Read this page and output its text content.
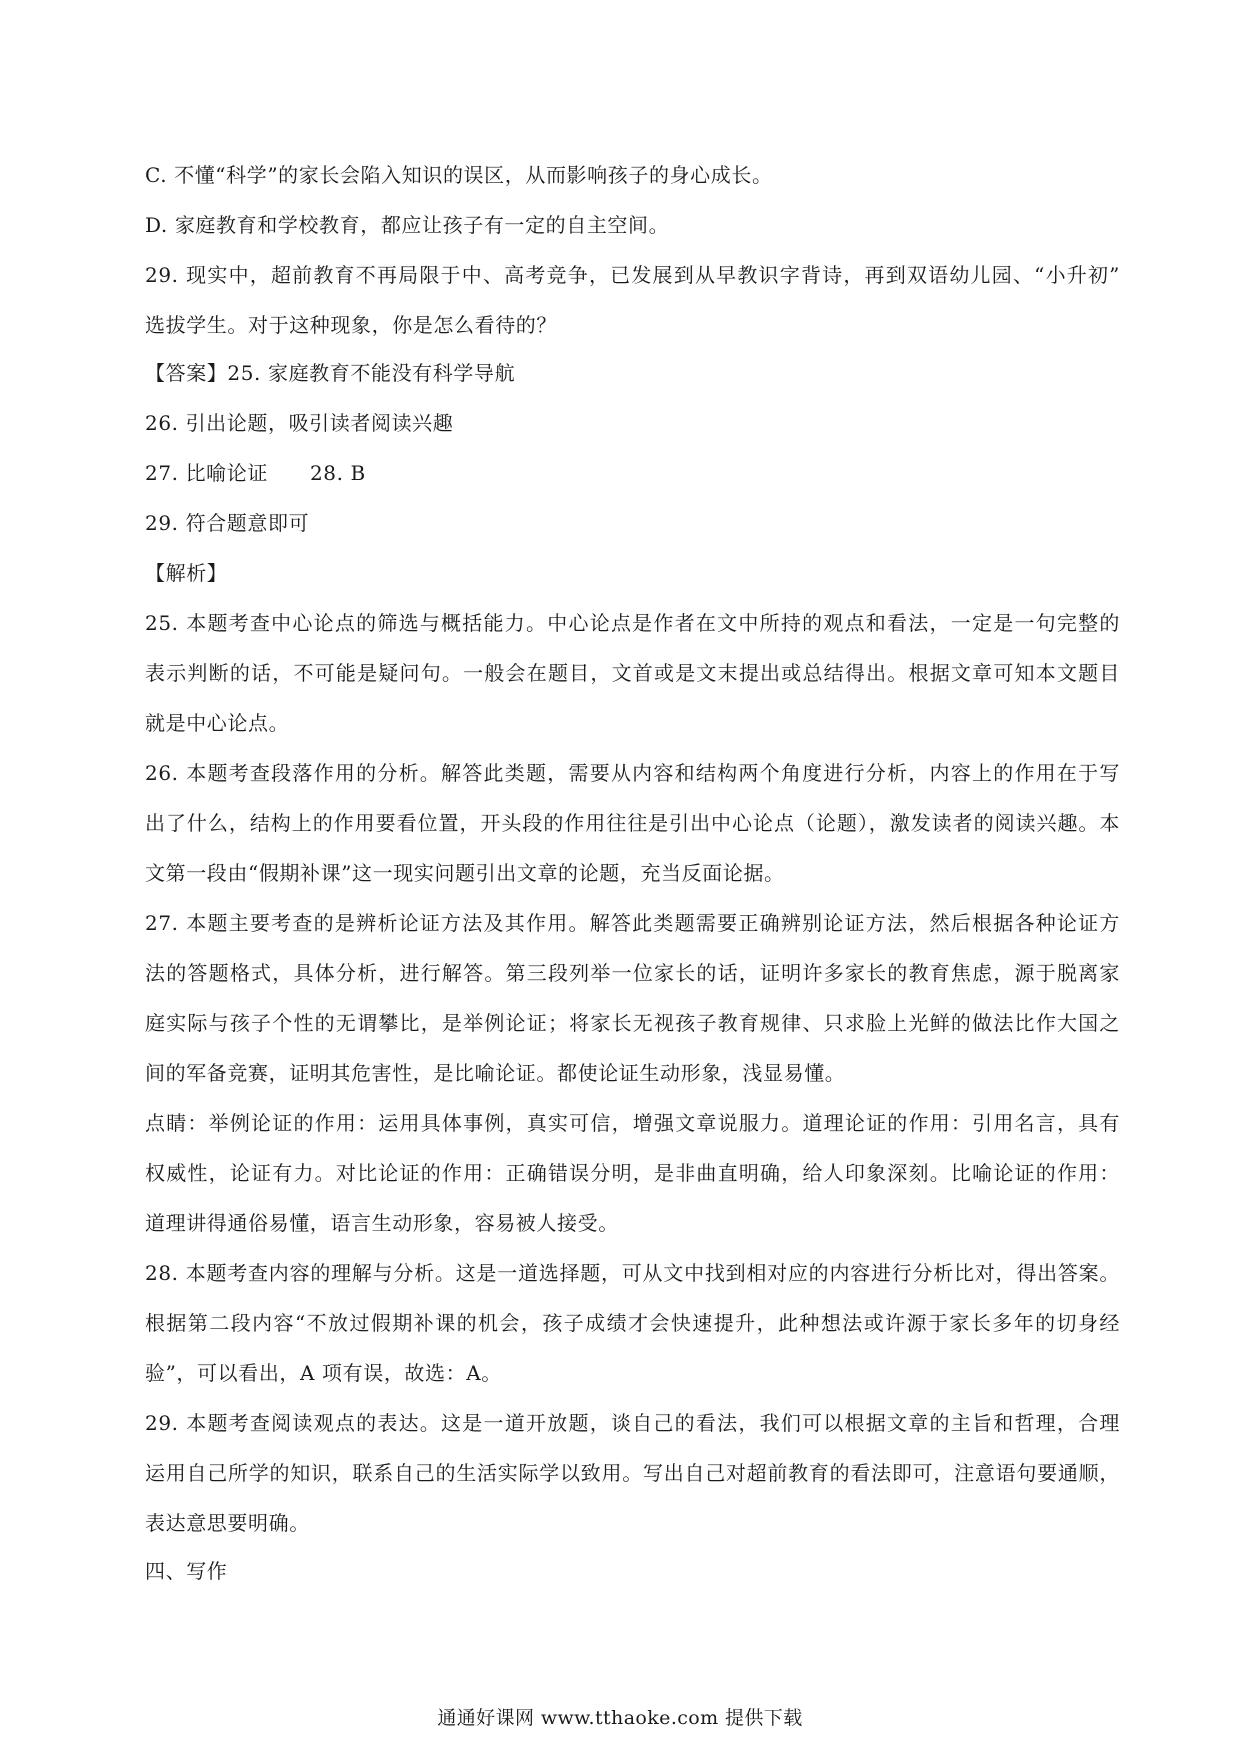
C. 不懂“科学”的家长会陷入知识的误区，从而影响孩子的身心成长。
D. 家庭教育和学校教育，都应让孩子有一定的自主空间。
29. 现实中，超前教育不再局限于中、高考竞争，已发展到从早教识字背诗，再到双语幼儿园、“小升初”
选拔学生。对于这种现象，你是怎么看待的？
【答案】25. 家庭教育不能没有科学导航
26. 引出论题，吸引读者阅读兴趣
27. 比喻论证 28. B
29. 符合题意即可
【解析】
25. 本题考查中心论点的筛选与概括能力。中心论点是作者在文中所持的观点和看法，一定是一句完整的
表示判断的话，不可能是疑问句。一般会在题目，文首或是文末提出或总结得出。根据文章可知本文题目
就是中心论点。
26. 本题考查段落作用的分析。解答此类题，需要从内容和结构两个角度进行分析，内容上的作用在于写
出了什么，结构上的作用要看位置，开头段的作用往往是引出中心论点（论题），激发读者的阅读兴趣。本
文第一段由“假期补课”这一现实问题引出文章的论题，充当反面论据。
27. 本题主要考查的是辨析论证方法及其作用。解答此类题需要正确辨别论证方法，然后根据各种论证方
法的答题格式，具体分析，进行解答。第三段列举一位家长的话，证明许多家长的教育焦虑，源于脱离家
庭实际与孩子个性的无谓攀比，是举例论证；将家长无视孩子教育规律、只求脸上光鲜的做法比作大国之
间的军备竞赛，证明其危害性，是比喻论证。都使论证生动形象，浅显易懂。
点睛：举例论证的作用：运用具体事例，真实可信，增强文章说服力。道理论证的作用：引用名言，具有
权威性，论证有力。对比论证的作用：正确错误分明，是非曲直明确，给人印象深刻。比喻论证的作用：
道理讲得通俗易懂，语言生动形象，容易被人接受。
28. 本题考查内容的理解与分析。这是一道选择题，可从文中找到相对应的内容进行分析比对，得出答案。
根据第二段内容“不放过假期补课的机会，孩子成绩才会快速提升，此种想法或许源于家长多年的切身经
验”，可以看出，A 项有误，故选：A。
29. 本题考查阅读观点的表达。这是一道开放题，谈自己的看法，我们可以根据文章的主旨和哲理，合理
运用自己所学的知识，联系自己的生活实际学以致用。写出自己对超前教育的看法即可，注意语句要通顺，
表达意思要明确。
四、写作
通通好课网 www.tthaoke.com 提供下载
